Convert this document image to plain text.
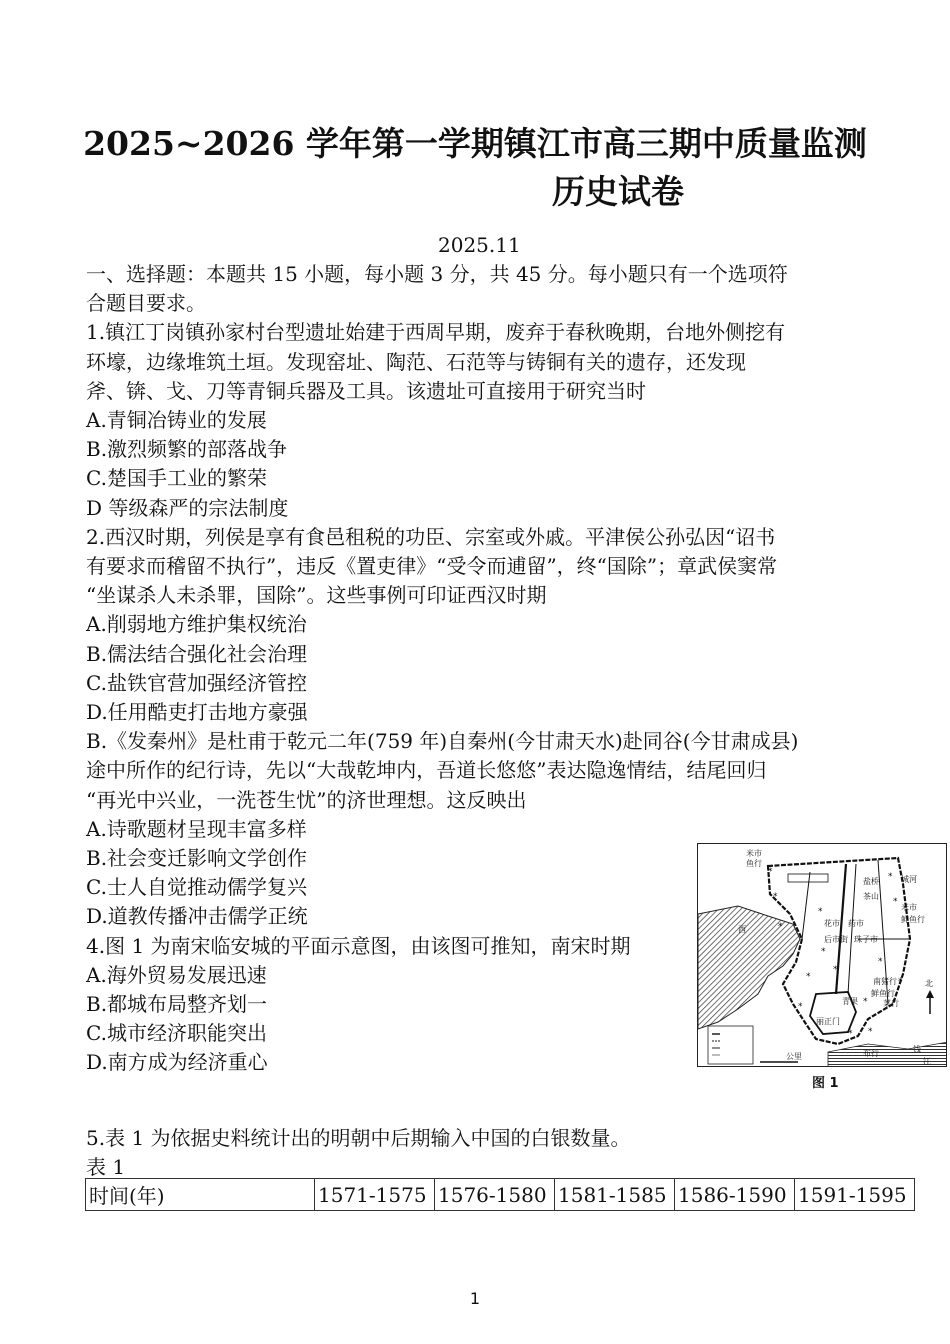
2025~2026 学年第一学期镇江市高三期中质量监测
历史试卷
2025.11

一、选择题：本题共 15 小题，每小题 3 分，共 45 分。每小题只有一个选项符

合题目要求。

1.镇江丁岗镇孙家村台型遗址始建于西周早期，废弃于春秋晚期，台地外侧挖有

环壕，边缘堆筑土垣。发现窑址、陶范、石范等与铸铜有关的遗存，还发现

斧、锛、戈、刀等青铜兵器及工具。该遗址可直接用于研究当时

A.青铜冶铸业的发展

B.激烈频繁的部落战争

C.楚国手工业的繁荣

D 等级森严的宗法制度

2.西汉时期，列侯是享有食邑租税的功臣、宗室或外戚。平津侯公孙弘因“诏书

有要求而稽留不执行”，违反《置吏律》“受令而逋留”，终“国除”；章武侯窦常

“坐谋杀人未杀罪，国除”。这些事例可印证西汉时期

A.削弱地方维护集权统治

B.儒法结合强化社会治理

C.盐铁官营加强经济管控

D.任用酷吏打击地方豪强

B.《发秦州》是杜甫于乾元二年(759 年)自秦州(今甘肃天水)赴同谷(今甘肃成县)

途中所作的纪行诗，先以“大哉乾坤内，吾道长悠悠”表达隐逸情结，结尾回归

“再光中兴业，一洗苍生忧”的济世理想。这反映出

A.诗歌题材呈现丰富多样

B.社会变迁影响文学创作

C.士人自觉推动儒学复兴

D.道教传播冲击儒学正统

4.图 1 为南宋临安城的平面示意图，由该图可推知，南宋时期

A.海外贸易发展迅速

B.都城布局整齐划一

C.城市经济职能突出

D.南方成为经济重心

*
*
*
*
*
*
*
*
*
*
*
*
*
*
*
西
米市
鱼行
城河
盐桥
茶山
鲜鱼行
米市
花市 药市
后市街 珠子市
青果
南猪行
鲜鱼行
菜行
丽正门
布行
北
钱
江
公里
图 1
5.表 1 为依据史料统计出的明朝中后期输入中国的白银数量。
表 1
时间(年)	1571-1575	1576-1580	1581-1585	1586-1590	1591-1595
1
